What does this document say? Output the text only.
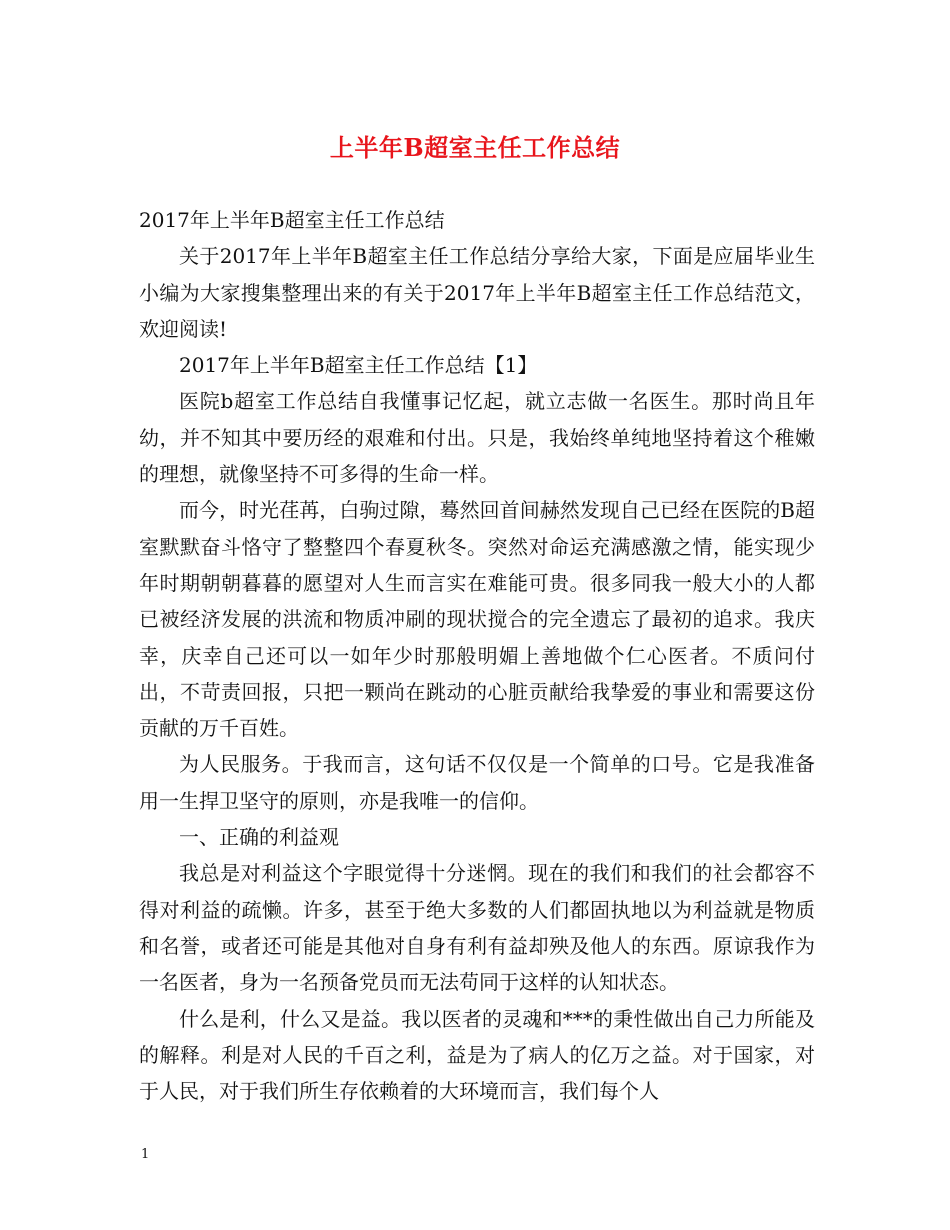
上半年B超室主任工作总结

2017年上半年B超室主任工作总结

关于2017年上半年B超室主任工作总结分享给大家，下面是应届毕业生小编为大家搜集整理出来的有关于2017年上半年B超室主任工作总结范文，欢迎阅读!

2017年上半年B超室主任工作总结【1】

医院b超室工作总结自我懂事记忆起，就立志做一名医生。那时尚且年幼，并不知其中要历经的艰难和付出。只是，我始终单纯地坚持着这个稚嫩的理想，就像坚持不可多得的生命一样。

而今，时光荏苒，白驹过隙，蓦然回首间赫然发现自己已经在医院的B超室默默奋斗恪守了整整四个春夏秋冬。突然对命运充满感激之情，能实现少年时期朝朝暮暮的愿望对人生而言实在难能可贵。很多同我一般大小的人都已被经济发展的洪流和物质冲刷的现状搅合的完全遗忘了最初的追求。我庆幸，庆幸自己还可以一如年少时那般明媚上善地做个仁心医者。不质问付出，不苛责回报，只把一颗尚在跳动的心脏贡献给我挚爱的事业和需要这份贡献的万千百姓。

为人民服务。于我而言，这句话不仅仅是一个简单的口号。它是我准备用一生捍卫坚守的原则，亦是我唯一的信仰。

一、正确的利益观

我总是对利益这个字眼觉得十分迷惘。现在的我们和我们的社会都容不得对利益的疏懒。许多，甚至于绝大多数的人们都固执地以为利益就是物质和名誉，或者还可能是其他对自身有利有益却殃及他人的东西。原谅我作为一名医者，身为一名预备党员而无法苟同于这样的认知状态。

什么是利，什么又是益。我以医者的灵魂和***的秉性做出自己力所能及的解释。利是对人民的千百之利，益是为了病人的亿万之益。对于国家，对于人民，对于我们所生存依赖着的大环境而言，我们每个人

1
